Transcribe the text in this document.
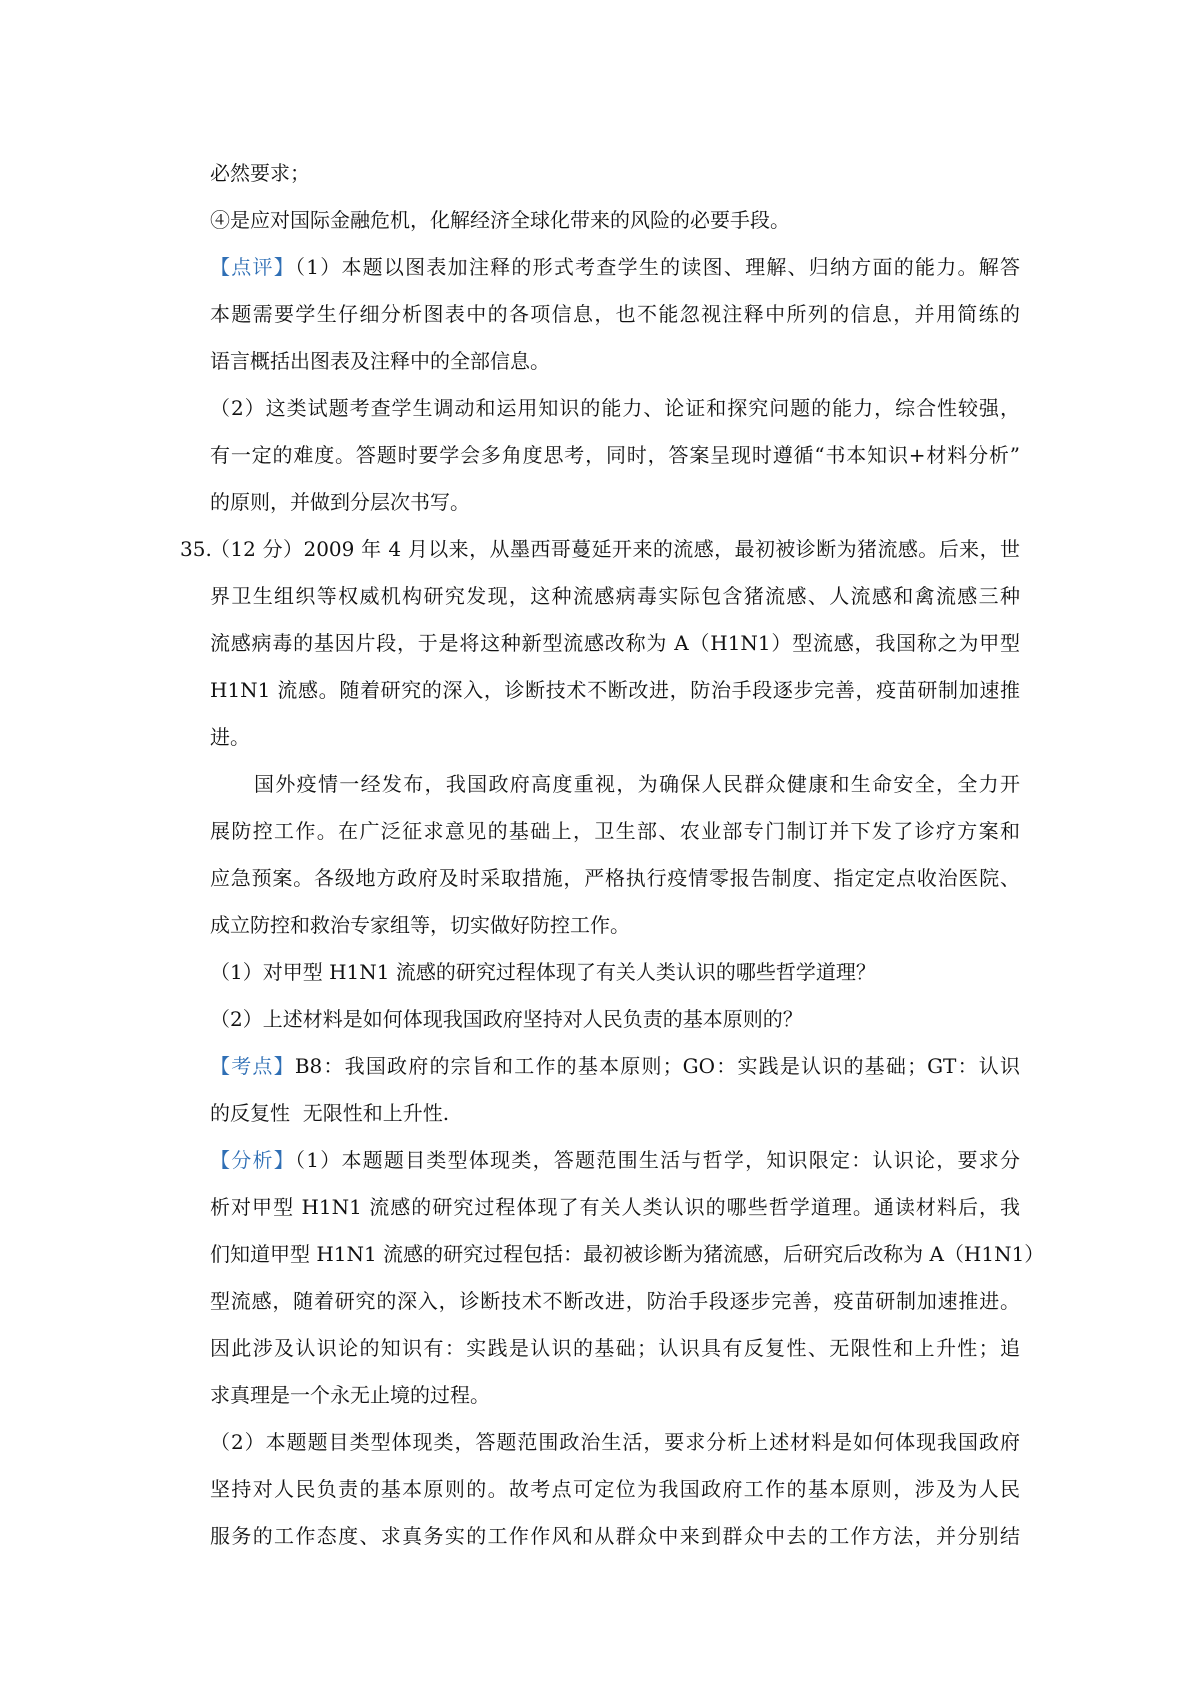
必然要求；
④是应对国际金融危机，化解经济全球化带来的风险的必要手段。
【点评】（1）本题以图表加注释的形式考查学生的读图、理解、归纳方面的能力。解答
本题需要学生仔细分析图表中的各项信息，也不能忽视注释中所列的信息，并用简练的
语言概括出图表及注释中的全部信息。
（2）这类试题考查学生调动和运用知识的能力、论证和探究问题的能力，综合性较强，
有一定的难度。答题时要学会多角度思考，同时，答案呈现时遵循“书本知识+材料分析”
的原则，并做到分层次书写。
35.
（12 分）2009 年 4 月以来，从墨西哥蔓延开来的流感，最初被诊断为猪流感。后来，世
界卫生组织等权威机构研究发现，这种流感病毒实际包含猪流感、人流感和禽流感三种
流感病毒的基因片段，于是将这种新型流感改称为 A（H1N1）型流感，我国称之为甲型
H1N1 流感。随着研究的深入，诊断技术不断改进，防治手段逐步完善，疫苗研制加速推
进。
国外疫情一经发布，我国政府高度重视，为确保人民群众健康和生命安全，全力开
展防控工作。在广泛征求意见的基础上，卫生部、农业部专门制订并下发了诊疗方案和
应急预案。各级地方政府及时采取措施，严格执行疫情零报告制度、指定定点收治医院、
成立防控和救治专家组等，切实做好防控工作。
（1）对甲型 H1N1 流感的研究过程体现了有关人类认识的哪些哲学道理？
（2）上述材料是如何体现我国政府坚持对人民负责的基本原则的？
【考点】B8：我国政府的宗旨和工作的基本原则；GO：实践是认识的基础；GT：认识
的反复性  无限性和上升性.
【分析】（1）本题题目类型体现类，答题范围生活与哲学，知识限定：认识论，要求分
析对甲型 H1N1 流感的研究过程体现了有关人类认识的哪些哲学道理。通读材料后，我
们知道甲型 H1N1 流感的研究过程包括：最初被诊断为猪流感，后研究后改称为 A（H1N1）
型流感，随着研究的深入，诊断技术不断改进，防治手段逐步完善，疫苗研制加速推进。
因此涉及认识论的知识有：实践是认识的基础；认识具有反复性、无限性和上升性；追
求真理是一个永无止境的过程。
（2）本题题目类型体现类，答题范围政治生活，要求分析上述材料是如何体现我国政府
坚持对人民负责的基本原则的。故考点可定位为我国政府工作的基本原则，涉及为人民
服务的工作态度、求真务实的工作作风和从群众中来到群众中去的工作方法，并分别结
